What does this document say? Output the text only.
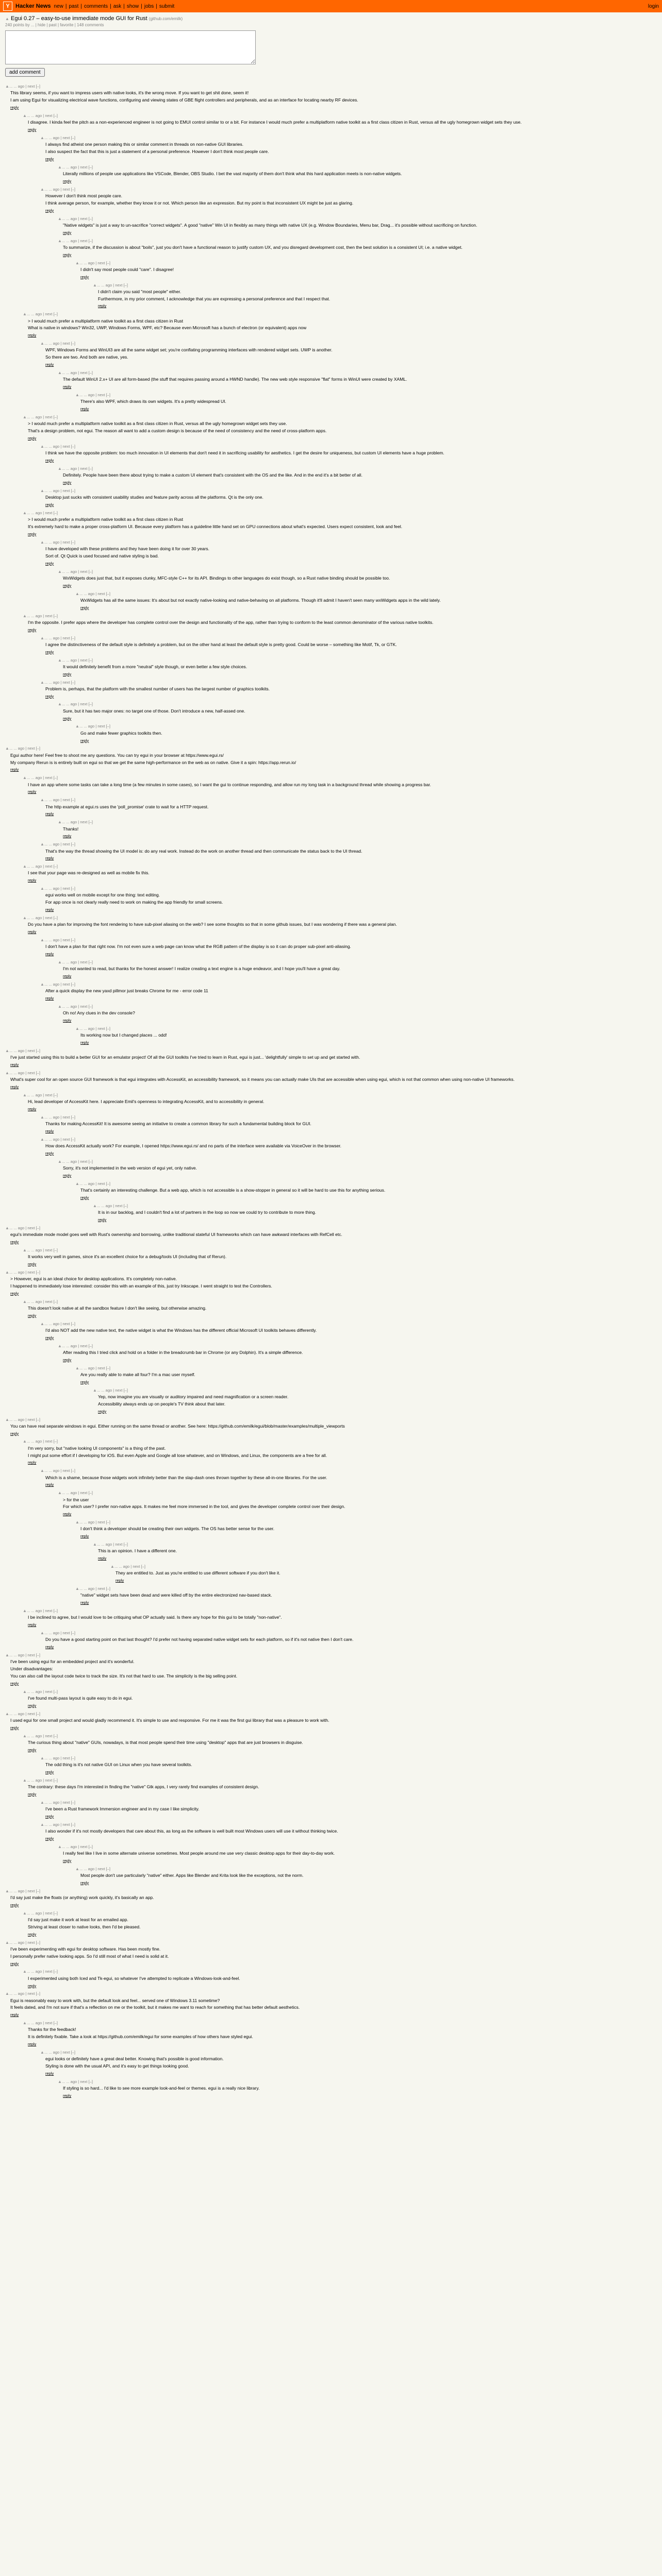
Y	Hacker News new | past | comments | ask | show | jobs | submit	login
▲ Egui 0.27 – easy-to-use immediate mode GUI for Rust (github.com/emilk)
240 points by ... | hide | past | favorite | 148 comments

add comment
▲... ... ago | next [–]

This library seems, if you want to impress users with native looks, it's the wrong move. If you want to get shit done, seem it!

I am using Egui for visualizing electrical wave functions, configuring and viewing states of GBE flight controllers and peripherals, and as an interface for locating nearby RF devices.

reply
▲... ... ago | next [–]

I disagree. I kinda feel the pitch as a non-experienced engineer is not going to EMUI control similar to or a bit. For instance I would much prefer a multiplatform native toolkit as a first class citizen in Rust, versus all the ugly homegrown widget sets they use.

reply
▲... ... ago | next [–]

I always find atheist one person making this or similar comment in threads on non-native GUI libraries.

I also suspect the fact that this is just a statement of a personal preference. However I don't think most people care.

reply
▲... ... ago | next [–]

Literally millions of people use applications like VSCode, Blender, OBS Studio. I bet the vast majority of them don't think what this hard application meets is non-native widgets.

reply
▲... ... ago | next [–]

However I don't think most people care.

I think average person, for example, whether they know it or not. Which person like an expression. But my point is that inconsistent UX might be just as glaring.

reply
▲... ... ago | next [–]

"Native widgets" is just a way to un-sacrifice "correct widgets". A good "native" Win UI in flexibly as many things with native UX (e.g. Window Boundaries, Menu bar, Drag... it's possible without sacrificing on function.

reply
▲... ... ago | next [–]

To summarize, if the discussion is about "boils", just you don't have a functional reason to justify custom UX, and you disregard development cost, then the best solution is a consistent UI; i.e. a native widget.

reply
▲... ... ago | next [–]

I didn't say most people could "care". I disagree!

reply
▲... ... ago | next [–]

I didn't claim you said "most people" either.

Furthermore, in my prior comment, I acknowledge that you are expressing a personal preference and that I respect that.

reply
▲... ... ago | next [–]

> I would much prefer a multiplatform native toolkit as a first class citizen in Rust

What is native in windows? Win32, UWP, Windows Forms, WPF, etc? Because even Microsoft has a bunch of electron (or equivalent) apps now

reply
▲... ... ago | next [–]

WPF, Windows Forms and WinUI3 are all the same widget set; you're conflating programming interfaces with rendered widget sets. UWP is another.

So there are two. And both are native, yes.

reply
▲... ... ago | next [–]

The default WinUI 2.x+ UI are all form-based (the stuff that requires passing around a HWND handle). The new web style responsive "flat" forms in WinUI were created by XAML.

reply
▲... ... ago | next [–]

There's also WPF, which draws its own widgets. It's a pretty widespread UI.

reply
▲... ... ago | next [–]

> I would much prefer a multiplatform native toolkit as a first class citizen in Rust, versus all the ugly homegrown widget sets they use.

That's a design problem, not egui. The reason all want to add a custom design is because of the need of consistency and the need of cross-platform apps.

reply
▲... ... ago | next [–]

I think we have the opposite problem: too much innovation in UI elements that don't need it in sacrificing usability for aesthetics. I get the desire for uniqueness, but custom UI elements have a huge problem.

reply
▲... ... ago | next [–]

Definitely. People have been there about trying to make a custom UI element that's consistent with the OS and the like. And in the end it's a bit better of all.

reply
▲... ... ago | next [–]

Desktop just sucks with consistent usability studies and feature parity across all the platforms. Qt is the only one.

reply
▲... ... ago | next [–]

> I would much prefer a multiplatform native toolkit as a first class citizen in Rust

It's extremely hard to make a proper cross-platform UI. Because every platform has a guideline little hand set on GPU connections about what's expected. Users expect consistent, look and feel.

reply
▲... ... ago | next [–]

I have developed with these problems and they have been doing it for over 30 years.

Sort of. Qt Quick is used focused and native styling is bad.

reply
▲... ... ago | next [–]

WxWidgets does just that, but it exposes clunky, MFC-style C++ for its API. Bindings to other languages do exist though, so a Rust native binding should be possible too.

reply
▲... ... ago | next [–]

WxWidgets has all the same issues: It's about but not exactly native-looking and native-behaving on all platforms. Though it'll admit I haven't seen many wxWidgets apps in the wild lately.

reply
▲... ... ago | next [–]

I'm the opposite. I prefer apps where the developer has complete control over the design and functionality of the app, rather than trying to conform to the least common denominator of the various native toolkits.

reply
▲... ... ago | next [–]

I agree the distinctiveness of the default style is definitely a problem, but on the other hand at least the default style is pretty good. Could be worse – something like Motif, Tk, or GTK.

reply
▲... ... ago | next [–]

It would definitely benefit from a more "neutral" style though, or even better a few style choices.

reply
▲... ... ago | next [–]

Problem is, perhaps, that the platform with the smallest number of users has the largest number of graphics toolkits.

reply
▲... ... ago | next [–]

Sure, but it has two major ones: no target one of those. Don't introduce a new, half-assed one.

reply
▲... ... ago | next [–]

Go and make fewer graphics toolkits then.

reply
▲... ... ago | next [–]

Egui author here! Feel free to shoot me any questions. You can try egui in your browser at https://www.egui.rs/

My company Rerun is is entirely built on egui so that we get the same high-performance on the web as on native. Give it a spin: https://app.rerun.io/

reply
▲... ... ago | next [–]

I have an app where some tasks can take a long time (a few minutes in some cases), so I want the gui to continue responding, and allow run my long task in a background thread while showing a progress bar.

reply
▲... ... ago | next [–]

The http example at egui.rs uses the 'poll_promise' crate to wait for a HTTP request.

reply
▲... ... ago | next [–]

Thanks!

reply
▲... ... ago | next [–]

That's the way the thread showing the UI model is: do any real work. Instead do the work on another thread and then communicate the status back to the UI thread.

reply
▲... ... ago | next [–]

I see that your page was re-designed as well as mobile fix this.

reply
▲... ... ago | next [–]

egui works well on mobile except for one thing: text editing.

For app once is not clearly really need to work on making the app friendly for small screens.

reply
▲... ... ago | next [–]

Do you have a plan for improving the font rendering to have sub-pixel aliasing on the web? I see some thoughts so that in some github issues, but I was wondering if there was a general plan.

reply
▲... ... ago | next [–]

I don't have a plan for that right now. I'm not even sure a web page can know what the RGB pattern of the display is so it can do proper sub-pixel anti-aliasing.

reply
▲... ... ago | next [–]

I'm not wanted to read, but thanks for the honest answer! I realize creating a text engine is a huge endeavor, and I hope you'll have a great day.

reply
▲... ... ago | next [–]

After a quick display the new yaxd pillmor just breaks Chrome for me - error code 11

reply
▲... ... ago | next [–]

Oh no! Any clues in the dev console?

reply
▲... ... ago | next [–]

Its working now but I changed places ... odd!

reply
▲... ... ago | next [–]

I've just started using this to build a better GUI for an emulator project! Of all the GUI toolkits I've tried to learn in Rust, egui is just... 'delightfully' simple to set up and get started with.

reply
▲... ... ago | next [–]

What's super cool for an open source GUI framework is that egui integrates with AccessKit, an accessibility framework, so it means you can actually make UIs that are accessible when using egui, which is not that common when using non-native UI frameworks.

reply
▲... ... ago | next [–]

Hi, lead developer of AccessKit here. I appreciate Emil's openness to integrating AccessKit, and to accessibility in general.

reply
▲... ... ago | next [–]

Thanks for making AccessKit! It is awesome seeing an initiative to create a common library for such a fundamental building block for GUI.

reply
▲... ... ago | next [–]

How does AccessKit actually work? For example, I opened https://www.egui.rs/ and no parts of the interface were available via VoiceOver in the browser.

reply
▲... ... ago | next [–]

Sorry, it's not implemented in the web version of egui yet, only native.

reply
▲... ... ago | next [–]

That's certainly an interesting challenge. But a web app, which is not accessible is a show-stopper in general so it will be hard to use this for anything serious.

reply
▲... ... ago | next [–]

It is in our backlog, and I couldn't find a lot of partners in the loop so now we could try to contribute to more thing.

reply
▲... ... ago | next [–]

egui's immediate mode model goes well with Rust's ownership and borrowing, unlike traditional stateful UI frameworks which can have awkward interfaces with RefCell etc.

reply
▲... ... ago | next [–]

It works very well in games, since it's an excellent choice for a debug/tools UI (including that of Rerun).

reply
▲... ... ago | next [–]

> However, egui is an ideal choice for desktop applications. It's completely non-native.

I happened to immediately lose interested: consider this with an example of this, just try Inkscape. I went straight to test the Controllers.

reply
▲... ... ago | next [–]

This doesn't look native at all the sandbox feature I don't like seeing, but otherwise amazing.

reply
▲... ... ago | next [–]

I'd also NOT add the new native text, the native widget is what the Windows has the different official Microsoft UI toolkits behaves differently.

reply
▲... ... ago | next [–]

After reading this I tried click and hold on a folder in the breadcrumb bar in Chrome (or any Dolphin). It's a simple difference.

reply
▲... ... ago | next [–]

Are you really able to make all four? I'm a mac user myself.

reply
▲... ... ago | next [–]

Yep, now imagine you are visually or auditory impaired and need magnification or a screen reader.

Accessibility always ends up on people's TV think about that later.

reply
▲... ... ago | next [–]

You can have real separate windows in egui. Either running on the same thread or another. See here: https://github.com/emilk/egui/blob/master/examples/multiple_viewports

reply
▲... ... ago | next [–]

I'm very sorry, but "native looking UI components" is a thing of the past.

I might put some effort if I developing for iOS. But even Apple and Google all lose whatever, and on Windows, and Linux, the components are a free for all.

reply
▲... ... ago | next [–]

Which is a shame, because those widgets work infinitely better than the slap-dash ones thrown together by these all-in-one libraries. For the user.

reply
▲... ... ago | next [–]

> for the user

For which user? I prefer non-native apps. It makes me feel more immersed in the tool, and gives the developer complete control over their design.

reply
▲... ... ago | next [–]

I don't think a developer should be creating their own widgets. The OS has better sense for the user.

reply
▲... ... ago | next [–]

This is an opinion. I have a different one.

reply
▲... ... ago | next [–]

They are entitled to. Just as you're entitled to use different software if you don't like it.

reply
▲... ... ago | next [–]

"native" widget sets have been dead and were killed off by the entire electronized nav-based stack.

reply
▲... ... ago | next [–]

I be inclined to agree, but I would love to be critiquing what OP actually said. Is there any hope for this gui to be totally "non-native".

reply
▲... ... ago | next [–]

Do you have a good starting point on that last thought? I'd prefer not having separated native widget sets for each platform, so if it's not native then I don't care.

reply
▲... ... ago | next [–]

I've been using egui for an embedded project and it's wonderful.

Under disadvantages:

You can also call the layout code twice to track the size. It's not that hard to use. The simplicity is the big selling point.

reply
▲... ... ago | next [–]

I've found multi-pass layout is quite easy to do in egui.

reply
▲... ... ago | next [–]

I used egui for one small project and would gladly recommend it. It's simple to use and responsive. For me it was the first gui library that was a pleasure to work with.

reply
▲... ... ago | next [–]

The curious thing about "native" GUIs, nowadays, is that most people spend their time using "desktop" apps that are just browsers in disguise.

reply
▲... ... ago | next [–]

The odd thing is it's not native GUI on Linux when you have several toolkits.

reply
▲... ... ago | next [–]

The contrary: these days I'm interested in finding the "native" Gtk apps, I very rarely find examples of consistent design.

reply
▲... ... ago | next [–]

I've been a Rust framework Immersion engineer and in my case I like simplicity.

reply
▲... ... ago | next [–]

I also wonder if it's not mostly developers that care about this, as long as the software is well built most Windows users will use it without thinking twice.

reply
▲... ... ago | next [–]

I really feel like I live in some alternate universe sometimes. Most people around me use very classic desktop apps for their day-to-day work.

reply
▲... ... ago | next [–]

Most people don't use particularly "native" either. Apps like Blender and Krita look like the exceptions, not the norm.

reply
▲... ... ago | next [–]

I'd say just make the floats (or anything) work quickly, it's basically an app.

reply
▲... ... ago | next [–]

I'd say just make it work at least for an emailed app.

Striving at least closer to native looks, then I'd be pleased.

reply
▲... ... ago | next [–]

I've been experimenting with egui for desktop software. Has been mostly fine.

I personally prefer native looking apps. So I'd still most of what I need is solid at it.

reply
▲... ... ago | next [–]

I experimented using both Iced and Tk-egui, so whatever I've attempted to replicate a Windows-look-and-feel.

reply
▲... ... ago | next [–]

Egui is reasonably easy to work with, but the default look and feel... served one of Windows 3.11 sometime?

It feels dated, and I'm not sure if that's a reflection on me or the toolkit, but it makes me want to reach for something that has better default aesthetics.

reply
▲... ... ago | next [–]

Thanks for the feedback!

It is definitely fixable. Take a look at https://github.com/emilk/egui for some examples of how others have styled egui.

reply
▲... ... ago | next [–]

egui looks or definitely have a great deal better. Knowing that's possible is good information.

Styling is done with the usual API, and it's easy to get things looking good.

reply
▲... ... ago | next [–]

If styling is so hard... I'd like to see more example look-and-feel or themes. egui is a really nice library.

reply
